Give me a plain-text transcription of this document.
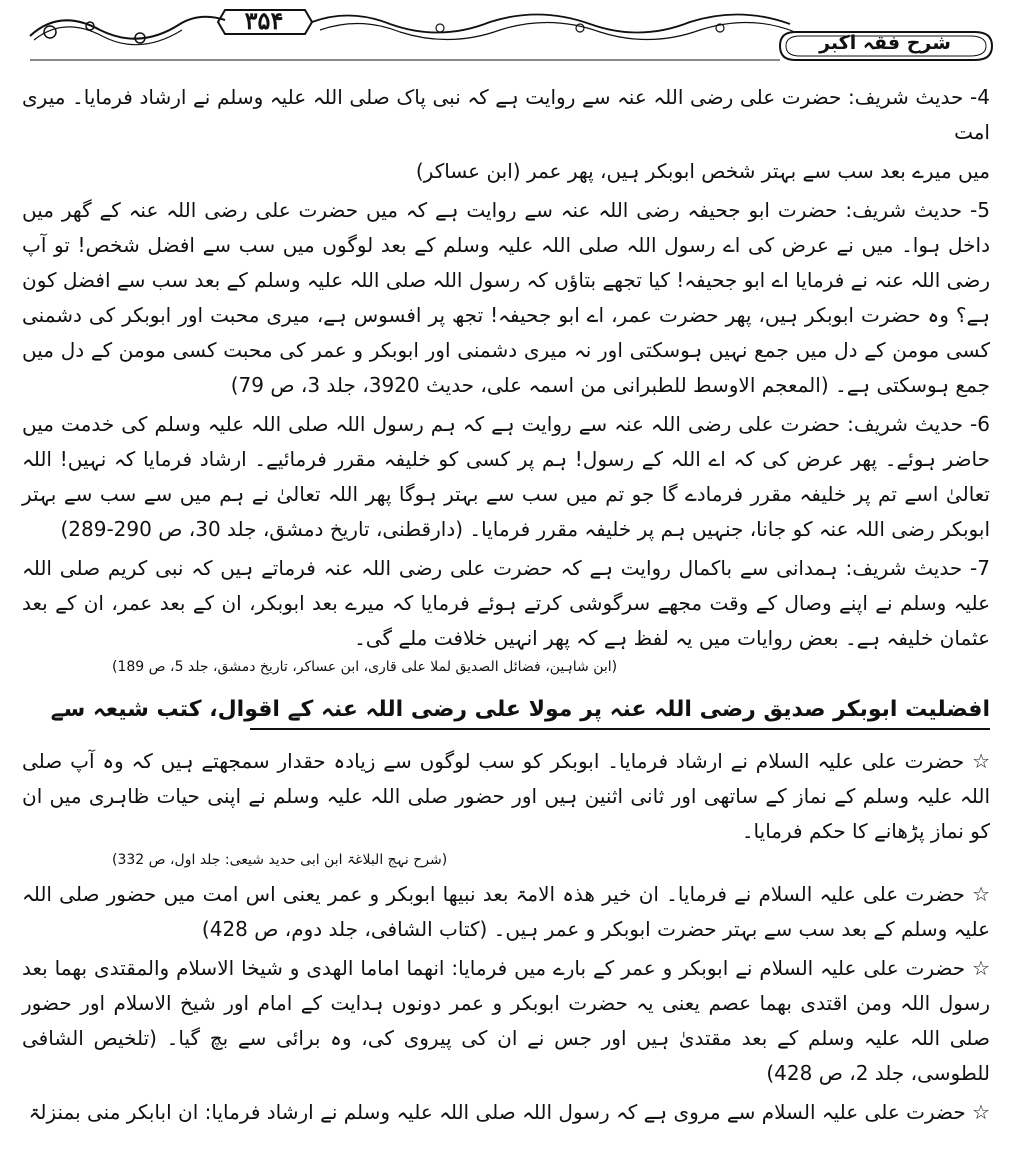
۳۵۴
شرح فقہ اکبر
4- حدیث شریف: حضرت علی رضی اللہ عنہ سے روایت ہے کہ نبی پاک صلی اللہ علیہ وسلم نے ارشاد فرمایا۔ میری امت
میں میرے بعد سب سے بہتر شخص ابوبکر ہیں، پھر عمر (ابن عساکر)
5- حدیث شریف: حضرت ابو جحیفہ رضی اللہ عنہ سے روایت ہے کہ میں حضرت علی رضی اللہ عنہ کے گھر میں داخل ہوا۔ میں نے عرض کی اے رسول اللہ صلی اللہ علیہ وسلم کے بعد لوگوں میں سب سے افضل شخص! تو آپ رضی اللہ عنہ نے فرمایا اے ابو جحیفہ! کیا تجھے بتاؤں کہ رسول اللہ صلی اللہ علیہ وسلم کے بعد سب سے افضل کون ہے؟ وہ حضرت ابوبکر ہیں، پھر حضرت عمر، اے ابو جحیفہ! تجھ پر افسوس ہے، میری محبت اور ابوبکر کی دشمنی کسی مومن کے دل میں جمع نہیں ہوسکتی اور نہ میری دشمنی اور ابوبکر و عمر کی محبت کسی مومن کے دل میں جمع ہوسکتی ہے۔ (المعجم الاوسط للطبرانی من اسمہ علی، حدیث 3920، جلد 3، ص 79)
6- حدیث شریف: حضرت علی رضی اللہ عنہ سے روایت ہے کہ ہم رسول اللہ صلی اللہ علیہ وسلم کی خدمت میں حاضر ہوئے۔ پھر عرض کی کہ اے اللہ کے رسول! ہم پر کسی کو خلیفہ مقرر فرمائیے۔ ارشاد فرمایا کہ نہیں! اللہ تعالیٰ اسے تم پر خلیفہ مقرر فرمادے گا جو تم میں سب سے بہتر ہوگا پھر اللہ تعالیٰ نے ہم میں سے سب سے بہتر ابوبکر رضی اللہ عنہ کو جانا، جنہیں ہم پر خلیفہ مقرر فرمایا۔ (دارقطنی، تاریخ دمشق، جلد 30، ص 290-289)
7- حدیث شریف: ہمدانی سے باکمال روایت ہے کہ حضرت علی رضی اللہ عنہ فرماتے ہیں کہ نبی کریم صلی اللہ علیہ وسلم نے اپنے وصال کے وقت مجھے سرگوشی کرتے ہوئے فرمایا کہ میرے بعد ابوبکر، ان کے بعد عمر، ان کے بعد عثمان خلیفہ ہے۔ بعض روایات میں یہ لفظ ہے کہ پھر انہیں خلافت ملے گی۔
(ابن شاہین، فضائل الصدیق لملا علی قاری، ابن عساکر، تاریخ دمشق، جلد 5، ص 189)
افضلیت ابوبکر صدیق رضی اللہ عنہ پر مولا علی رضی اللہ عنہ کے اقوال، کتب شیعہ سے
☆ حضرت علی علیہ السلام نے ارشاد فرمایا۔ ابوبکر کو سب لوگوں سے زیادہ حقدار سمجھتے ہیں کہ وہ آپ صلی اللہ علیہ وسلم کے نماز کے ساتھی اور ثانی اثنین ہیں اور حضور صلی اللہ علیہ وسلم نے اپنی حیات ظاہری میں ان کو نماز پڑھانے کا حکم فرمایا۔
(شرح نہج البلاغۃ ابن ابی حدید شیعی: جلد اول، ص 332)
☆ حضرت علی علیہ السلام نے فرمایا۔ ان خیر ھذہ الامۃ بعد نبیھا ابوبکر و عمر یعنی اس امت میں حضور صلی اللہ علیہ وسلم کے بعد سب سے بہتر حضرت ابوبکر و عمر ہیں۔ (کتاب الشافی، جلد دوم، ص 428)
☆ حضرت علی علیہ السلام نے ابوبکر و عمر کے بارے میں فرمایا: انھما اماما الھدی و شیخا الاسلام والمقتدی بھما بعد رسول اللہ ومن اقتدی بھما عصم یعنی یہ حضرت ابوبکر و عمر دونوں ہدایت کے امام اور شیخ الاسلام اور حضور صلی اللہ علیہ وسلم کے بعد مقتدیٰ ہیں اور جس نے ان کی پیروی کی، وہ برائی سے بچ گیا۔ (تلخیص الشافی للطوسی، جلد 2، ص 428)
☆ حضرت علی علیہ السلام سے مروی ہے کہ رسول اللہ صلی اللہ علیہ وسلم نے ارشاد فرمایا: ان ابابکر منی بمنزلۃ
